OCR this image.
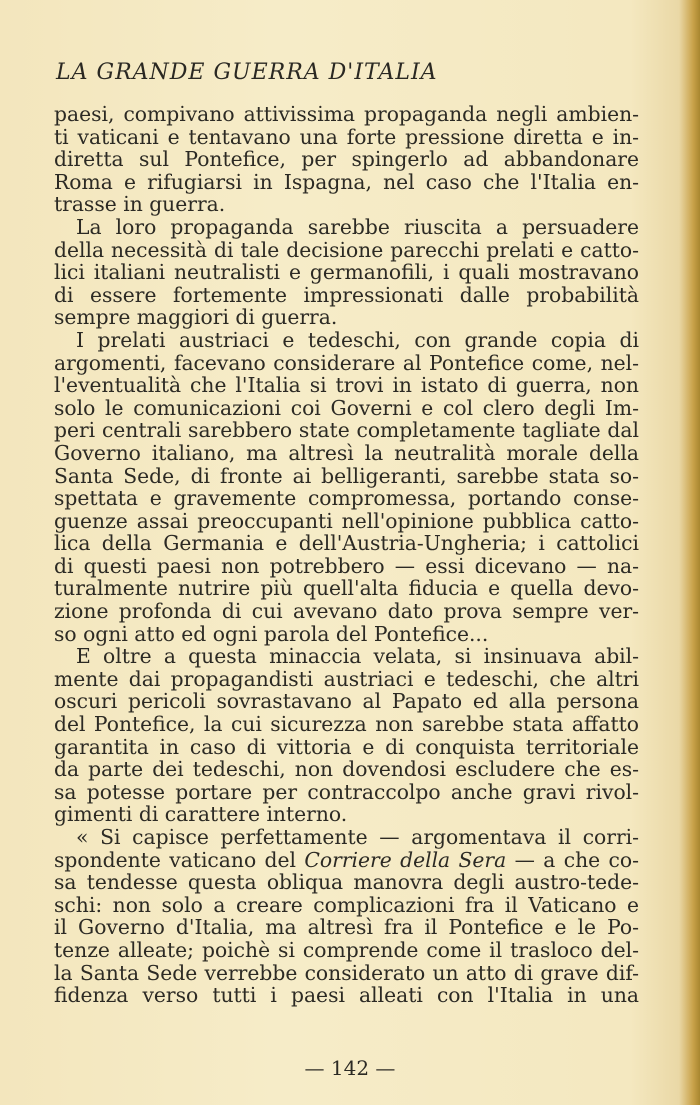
LA GRANDE GUERRA D'ITALIA
paesi, compivano attivissima propaganda negli ambien-
ti vaticani e tentavano una forte pressione diretta e in-
diretta sul Pontefice, per spingerlo ad abbandonare
Roma e rifugiarsi in Ispagna, nel caso che l'Italia en-
trasse in guerra.
La loro propaganda sarebbe riuscita a persuadere
della necessità di tale decisione parecchi prelati e catto-
lici italiani neutralisti e germanofili, i quali mostravano
di essere fortemente impressionati dalle probabilità
sempre maggiori di guerra.
I prelati austriaci e tedeschi, con grande copia di
argomenti, facevano considerare al Pontefice come, nel-
l'eventualità che l'Italia si trovi in istato di guerra, non
solo le comunicazioni coi Governi e col clero degli Im-
peri centrali sarebbero state completamente tagliate dal
Governo italiano, ma altresì la neutralità morale della
Santa Sede, di fronte ai belligeranti, sarebbe stata so-
spettata e gravemente compromessa, portando conse-
guenze assai preoccupanti nell'opinione pubblica catto-
lica della Germania e dell'Austria-Ungheria; i cattolici
di questi paesi non potrebbero — essi dicevano — na-
turalmente nutrire più quell'alta fiducia e quella devo-
zione profonda di cui avevano dato prova sempre ver-
so ogni atto ed ogni parola del Pontefice...
E oltre a questa minaccia velata, si insinuava abil-
mente dai propagandisti austriaci e tedeschi, che altri
oscuri pericoli sovrastavano al Papato ed alla persona
del Pontefice, la cui sicurezza non sarebbe stata affatto
garantita in caso di vittoria e di conquista territoriale
da parte dei tedeschi, non dovendosi escludere che es-
sa potesse portare per contraccolpo anche gravi rivol-
gimenti di carattere interno.
« Si capisce perfettamente — argomentava il corri-
spondente vaticano del Corriere della Sera — a che co-
sa tendesse questa obliqua manovra degli austro-tede-
schi: non solo a creare complicazioni fra il Vaticano e
il Governo d'Italia, ma altresì fra il Pontefice e le Po-
tenze alleate; poichè si comprende come il trasloco del-
la Santa Sede verrebbe considerato un atto di grave dif-
fidenza verso tutti i paesi alleati con l'Italia in una
— 142 —
